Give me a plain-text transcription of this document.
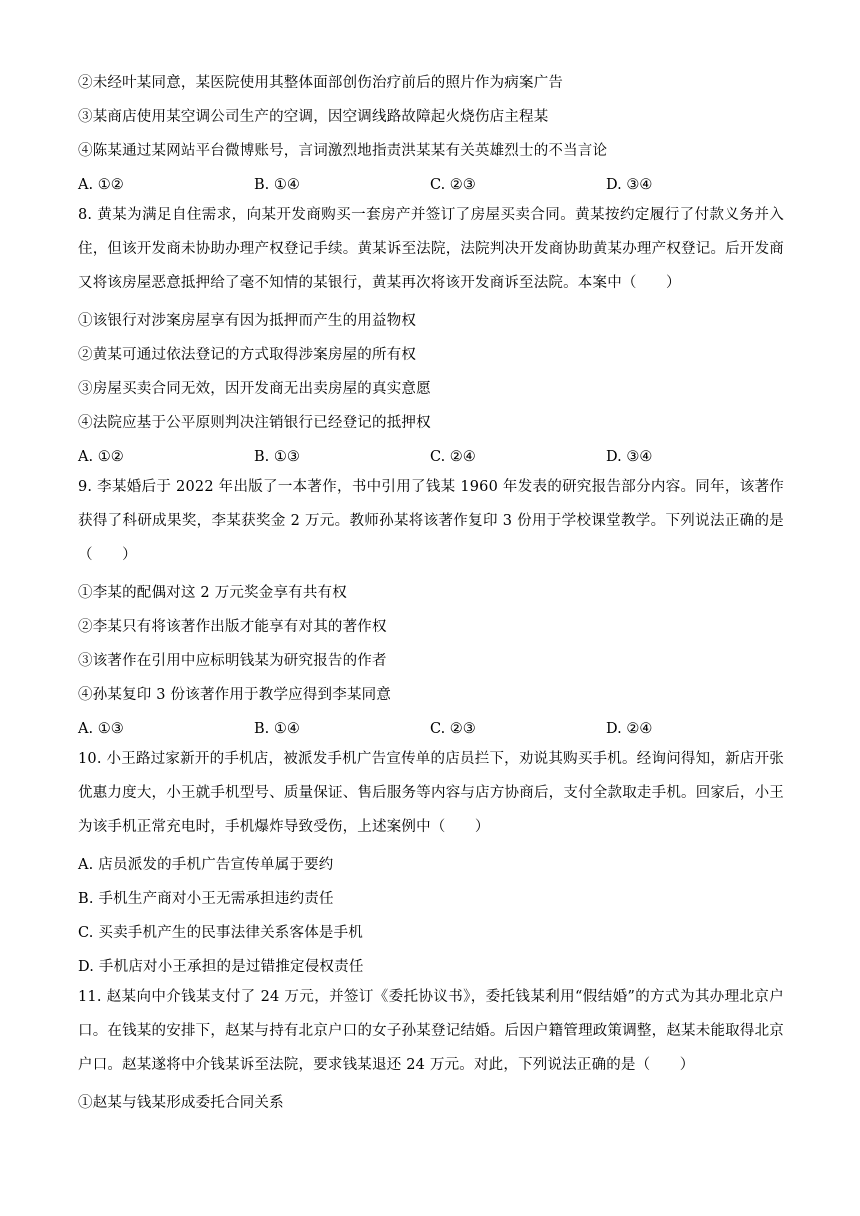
②未经叶某同意，某医院使用其整体面部创伤治疗前后的照片作为病案广告
③某商店使用某空调公司生产的空调，因空调线路故障起火烧伤店主程某
④陈某通过某网站平台微博账号，言词激烈地指责洪某某有关英雄烈士的不当言论
A. ①②	B. ①④	C. ②③	D. ③④
8. 黄某为满足自住需求，向某开发商购买一套房产并签订了房屋买卖合同。黄某按约定履行了付款义务并入住，但该开发商未协助办理产权登记手续。黄某诉至法院，法院判决开发商协助黄某办理产权登记。后开发商又将该房屋恶意抵押给了毫不知情的某银行，黄某再次将该开发商诉至法院。本案中（　　）
①该银行对涉案房屋享有因为抵押而产生的用益物权
②黄某可通过依法登记的方式取得涉案房屋的所有权
③房屋买卖合同无效，因开发商无出卖房屋的真实意愿
④法院应基于公平原则判决注销银行已经登记的抵押权
A. ①②	B. ①③	C. ②④	D. ③④
9. 李某婚后于 2022 年出版了一本著作，书中引用了钱某 1960 年发表的研究报告部分内容。同年，该著作获得了科研成果奖，李某获奖金 2 万元。教师孙某将该著作复印 3 份用于学校课堂教学。下列说法正确的是（　　）
①李某的配偶对这 2 万元奖金享有共有权
②李某只有将该著作出版才能享有对其的著作权
③该著作在引用中应标明钱某为研究报告的作者
④孙某复印 3 份该著作用于教学应得到李某同意
A. ①③	B. ①④	C. ②③	D. ②④
10. 小王路过家新开的手机店，被派发手机广告宣传单的店员拦下，劝说其购买手机。经询问得知，新店开张优惠力度大，小王就手机型号、质量保证、售后服务等内容与店方协商后，支付全款取走手机。回家后，小王为该手机正常充电时，手机爆炸导致受伤，上述案例中（　　）
A. 店员派发的手机广告宣传单属于要约
B. 手机生产商对小王无需承担违约责任
C. 买卖手机产生的民事法律关系客体是手机
D. 手机店对小王承担的是过错推定侵权责任
11. 赵某向中介钱某支付了 24 万元，并签订《委托协议书》，委托钱某利用“假结婚”的方式为其办理北京户口。在钱某的安排下，赵某与持有北京户口的女子孙某登记结婚。后因户籍管理政策调整，赵某未能取得北京户口。赵某遂将中介钱某诉至法院，要求钱某退还 24 万元。对此，下列说法正确的是（　　）
①赵某与钱某形成委托合同关系
